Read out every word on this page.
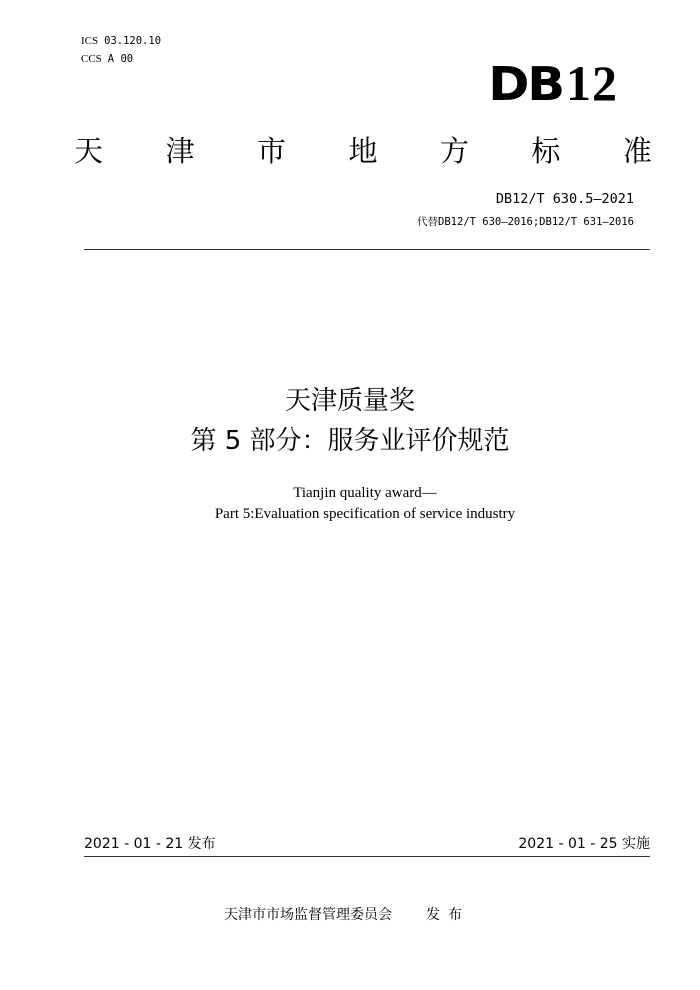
ICS 03.120.10
CCS A 00	DB12
天 津 市 地 方 标 准
DB12/T 630.5—2021
代替DB12/T 630—2016;DB12/T 631—2016
天津质量奖
第 5 部分：服务业评价规范
Tianjin quality award—
Part 5:Evaluation specification of service industry
2021 - 01 - 21 发布	2021 - 01 - 25 实施
天津市市场监督管理委员会 发布
